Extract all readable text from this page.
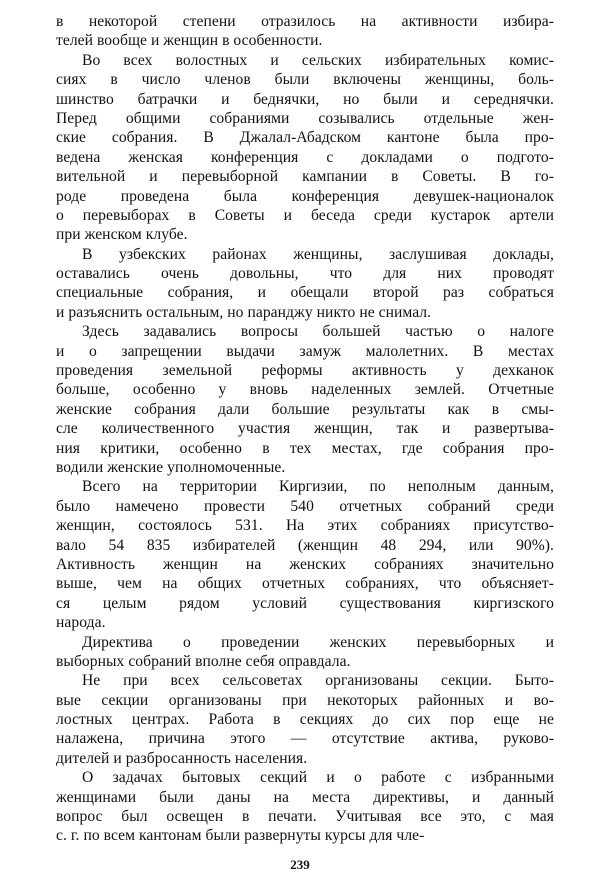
в некоторой степени отразилось на активности избира-
телей вообще и женщин в особенности.
Во всех волостных и сельских избирательных комис-
сиях в число членов были включены женщины, боль-
шинство батрачки и беднячки, но были и середнячки.
Перед общими собраниями созывались отдельные жен-
ские собрания. В Джалал-Абадском кантоне была про-
ведена женская конференция с докладами о подгото-
вительной и перевыборной кампании в Советы. В го-
роде проведена была конференция девушек-националок
о перевыборах в Советы и беседа среди кустарок артели
при женском клубе.
В узбекских районах женщины, заслушивая доклады,
оставались очень довольны, что для них проводят
специальные собрания, и обещали второй раз собраться
и разъяснить остальным, но паранджу никто не снимал.
Здесь задавались вопросы большей частью о налоге
и о запрещении выдачи замуж малолетних. В местах
проведения земельной реформы активность у дехканок
больше, особенно у вновь наделенных землей. Отчетные
женские собрания дали большие результаты как в смы-
сле количественного участия женщин, так и развертыва-
ния критики, особенно в тех местах, где собрания про-
водили женские уполномоченные.
Всего на территории Киргизии, по неполным данным,
было намечено провести 540 отчетных собраний среди
женщин, состоялось 531. На этих собраниях присутство-
вало 54 835 избирателей (женщин 48 294, или 90%).
Активность женщин на женских собраниях значительно
выше, чем на общих отчетных собраниях, что объясняет-
ся целым рядом условий существования киргизского
народа.
Директива о проведении женских перевыборных и
выборных собраний вполне себя оправдала.
Не при всех сельсоветах организованы секции. Быто-
вые секции организованы при некоторых районных и во-
лостных центрах. Работа в секциях до сих пор еще не
налажена, причина этого — отсутствие актива, руково-
дителей и разбросанность населения.
О задачах бытовых секций и о работе с избранными
женщинами были даны на места директивы, и данный
вопрос был освещен в печати. Учитывая все это, с мая
с. г. по всем кантонам были развернуты курсы для чле-
239
